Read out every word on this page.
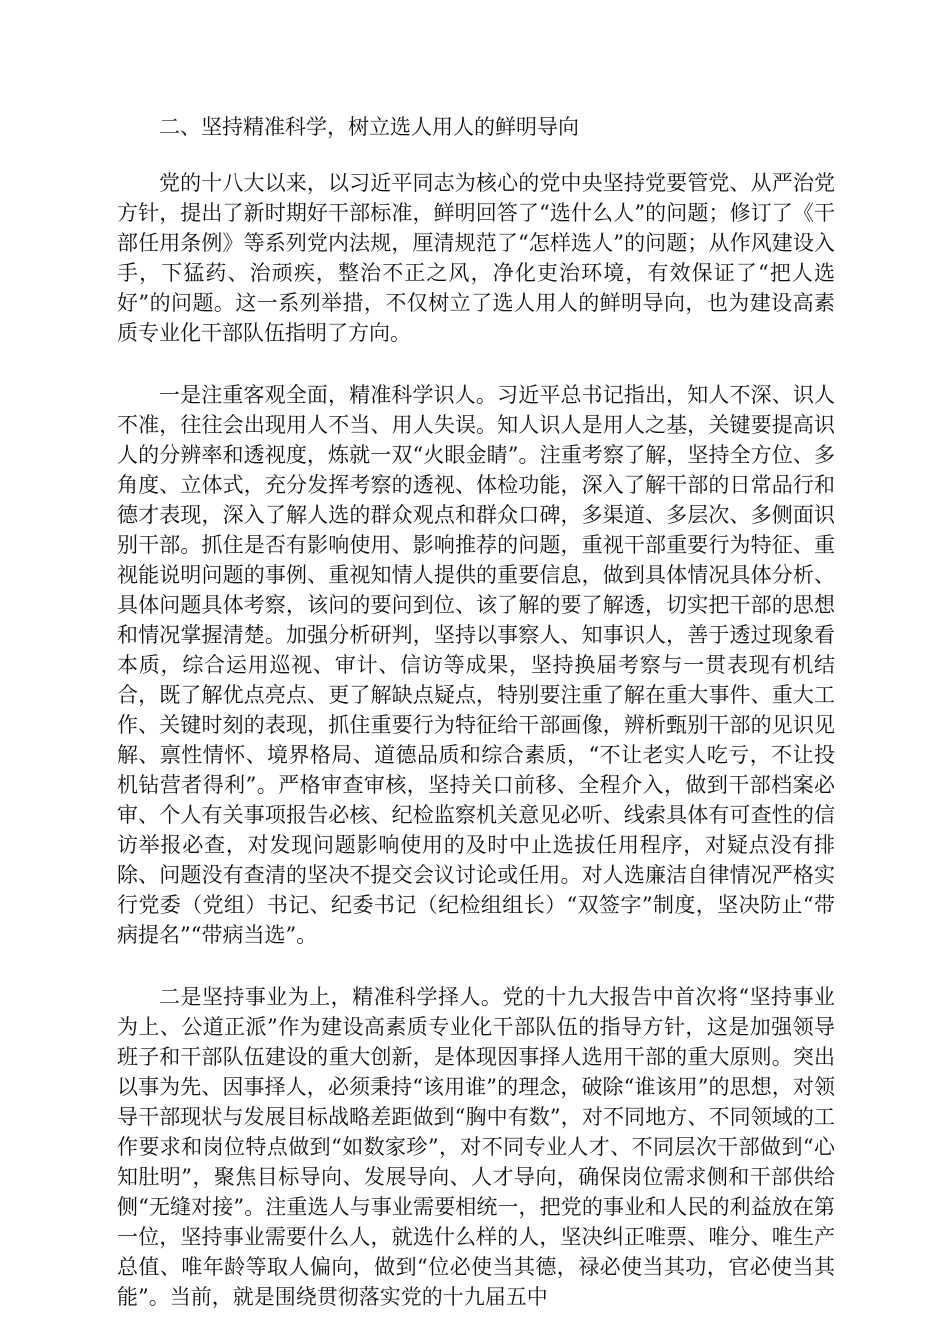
二、坚持精准科学，树立选人用人的鲜明导向

党的十八大以来，以习近平同志为核心的党中央坚持党要管党、从严治党方针，提出了新时期好干部标准，鲜明回答了“选什么人”的问题；修订了《干部任用条例》等系列党内法规，厘清规范了“怎样选人”的问题；从作风建设入手，下猛药、治顽疾，整治不正之风，净化吏治环境，有效保证了“把人选好”的问题。这一系列举措，不仅树立了选人用人的鲜明导向，也为建设高素质专业化干部队伍指明了方向。

一是注重客观全面，精准科学识人。习近平总书记指出，知人不深、识人不准，往往会出现用人不当、用人失误。知人识人是用人之基，关键要提高识人的分辨率和透视度，炼就一双“火眼金睛”。注重考察了解，坚持全方位、多角度、立体式，充分发挥考察的透视、体检功能，深入了解干部的日常品行和德才表现，深入了解人选的群众观点和群众口碑，多渠道、多层次、多侧面识别干部。抓住是否有影响使用、影响推荐的问题，重视干部重要行为特征、重视能说明问题的事例、重视知情人提供的重要信息，做到具体情况具体分析、具体问题具体考察，该问的要问到位、该了解的要了解透，切实把干部的思想和情况掌握清楚。加强分析研判，坚持以事察人、知事识人，善于透过现象看本质，综合运用巡视、审计、信访等成果，坚持换届考察与一贯表现有机结合，既了解优点亮点、更了解缺点疑点，特别要注重了解在重大事件、重大工作、关键时刻的表现，抓住重要行为特征给干部画像，辨析甄别干部的见识见解、禀性情怀、境界格局、道德品质和综合素质，“不让老实人吃亏，不让投机钻营者得利”。严格审查审核，坚持关口前移、全程介入，做到干部档案必审、个人有关事项报告必核、纪检监察机关意见必听、线索具体有可查性的信访举报必查，对发现问题影响使用的及时中止选拔任用程序，对疑点没有排除、问题没有查清的坚决不提交会议讨论或任用。对人选廉洁自律情况严格实行党委（党组）书记、纪委书记（纪检组组长）“双签字”制度，坚决防止“带病提名”“带病当选”。

二是坚持事业为上，精准科学择人。党的十九大报告中首次将“坚持事业为上、公道正派”作为建设高素质专业化干部队伍的指导方针，这是加强领导班子和干部队伍建设的重大创新，是体现因事择人选用干部的重大原则。突出以事为先、因事择人，必须秉持“该用谁”的理念，破除“谁该用”的思想，对领导干部现状与发展目标战略差距做到“胸中有数”，对不同地方、不同领域的工作要求和岗位特点做到“如数家珍”，对不同专业人才、不同层次干部做到“心知肚明”，聚焦目标导向、发展导向、人才导向，确保岗位需求侧和干部供给侧“无缝对接”。注重选人与事业需要相统一，把党的事业和人民的利益放在第一位，坚持事业需要什么人，就选什么样的人，坚决纠正唯票、唯分、唯生产总值、唯年龄等取人偏向，做到“位必使当其德，禄必使当其功，官必使当其能”。当前，就是围绕贯彻落实党的十九届五中
